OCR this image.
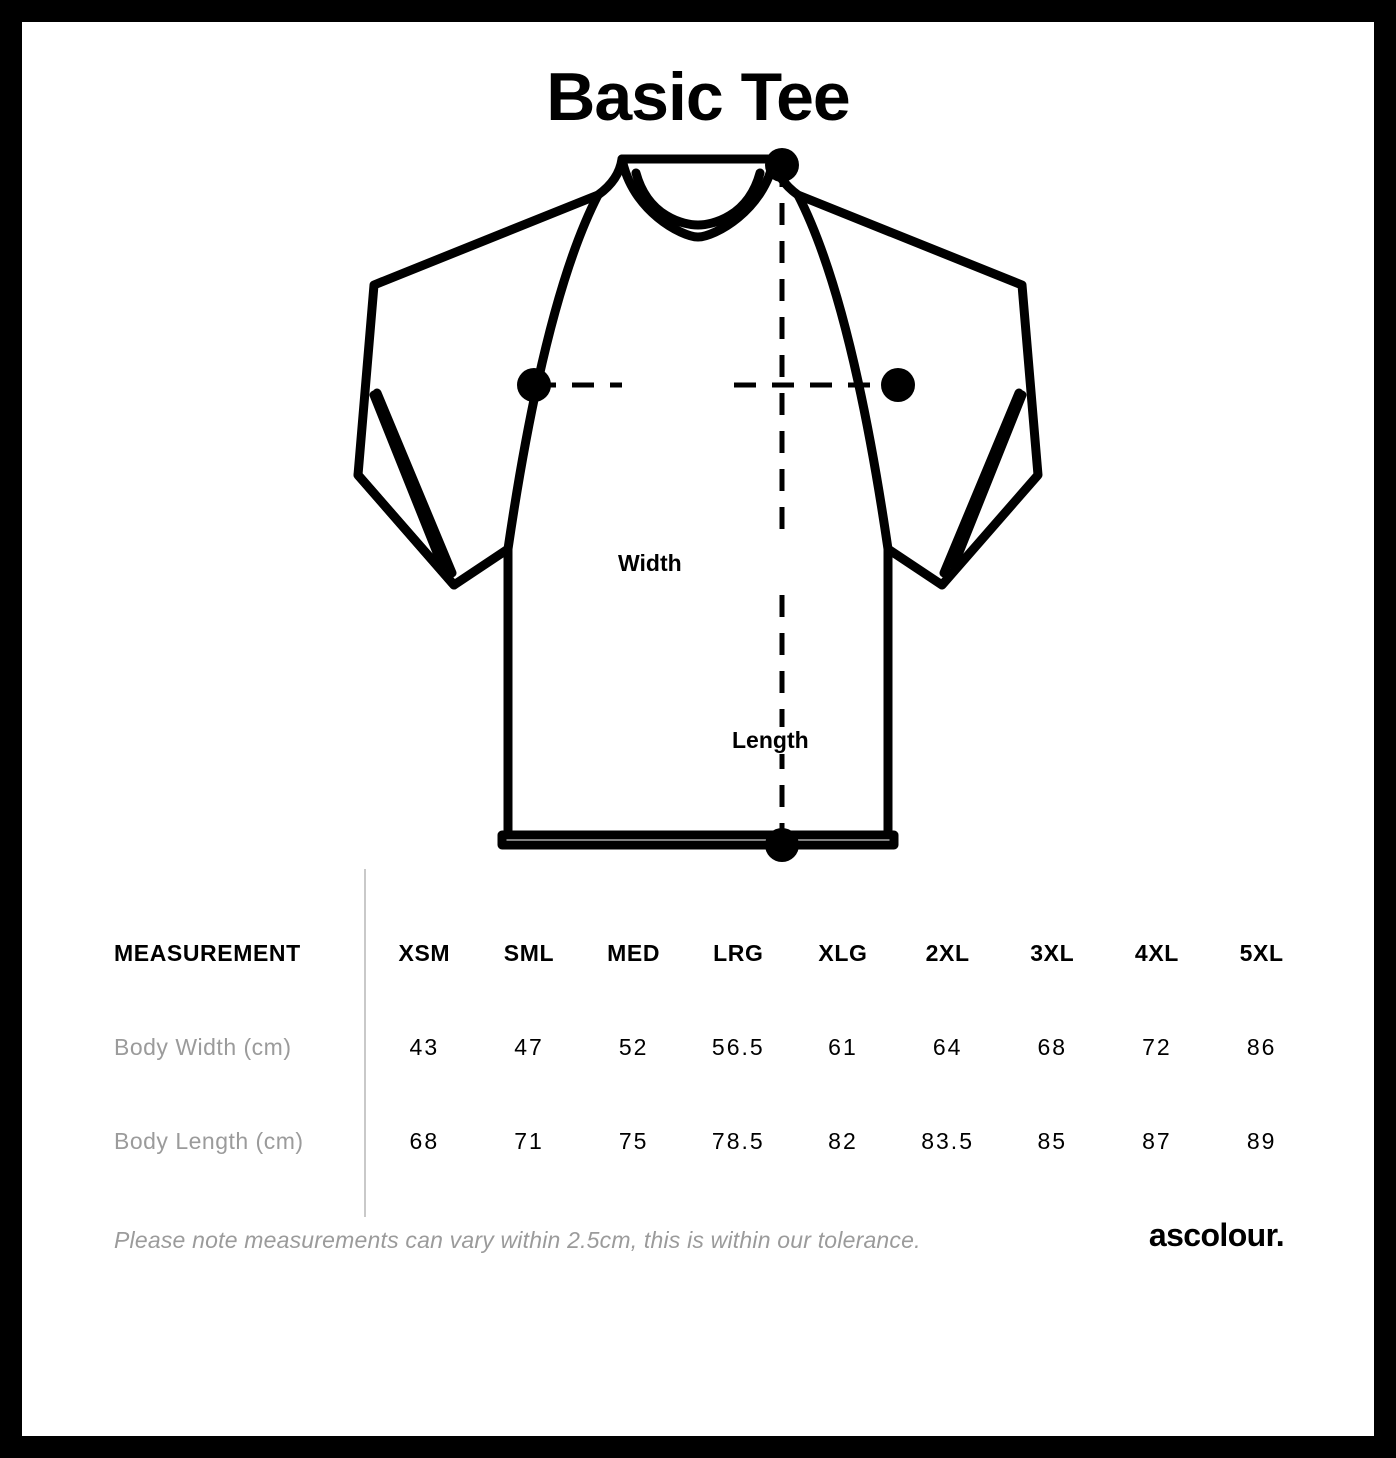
Basic Tee
Width
Length
MEASUREMENT	XSM	SML	MED	LRG	XLG	2XL	3XL	4XL	5XL
Body Width (cm)	43	47	52	56.5	61	64	68	72	86
Body Length (cm)	68	71	75	78.5	82	83.5	85	87	89
Please note measurements can vary within 2.5cm, this is within our tolerance.	ascolour.
